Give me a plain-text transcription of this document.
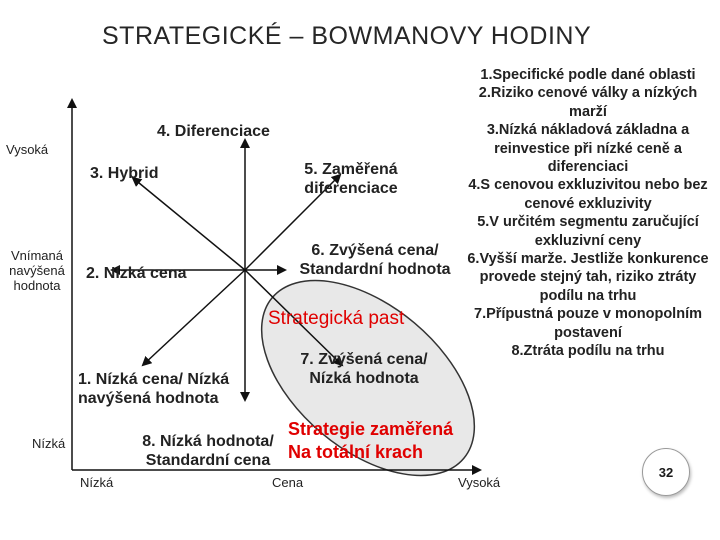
STRATEGICKÉ – BOWMANOVY HODINY
Vysoká
Vnímaná navýšená hodnota
Nízká
Nízká	Cena	Vysoká
4. Diferenciace
3. Hybrid	5. Zaměřená diferenciace
2. Nízká cena
6. Zvýšená cena/ Standardní hodnota
1. Nízká cena/ Nízká navýšená hodnota
7. Zvýšená cena/ Nízká hodnota
8. Nízká hodnota/ Standardní cena
Strategická past
Strategie zaměřená
Na totální krach
1.Specifické podle dané oblasti
2.Riziko cenové války a nízkých marží
3.Nízká nákladová základna a reinvestice při nízké ceně a diferenciaci
4.S cenovou exkluzivitou nebo bez cenové exkluzivity
5.V určitém segmentu zaručující exkluzivní ceny
6.Vyšší marže. Jestliže konkurence provede stejný tah, riziko ztráty podílu na trhu
7.Přípustná pouze v monopolním postavení
8.Ztráta podílu na trhu
32
